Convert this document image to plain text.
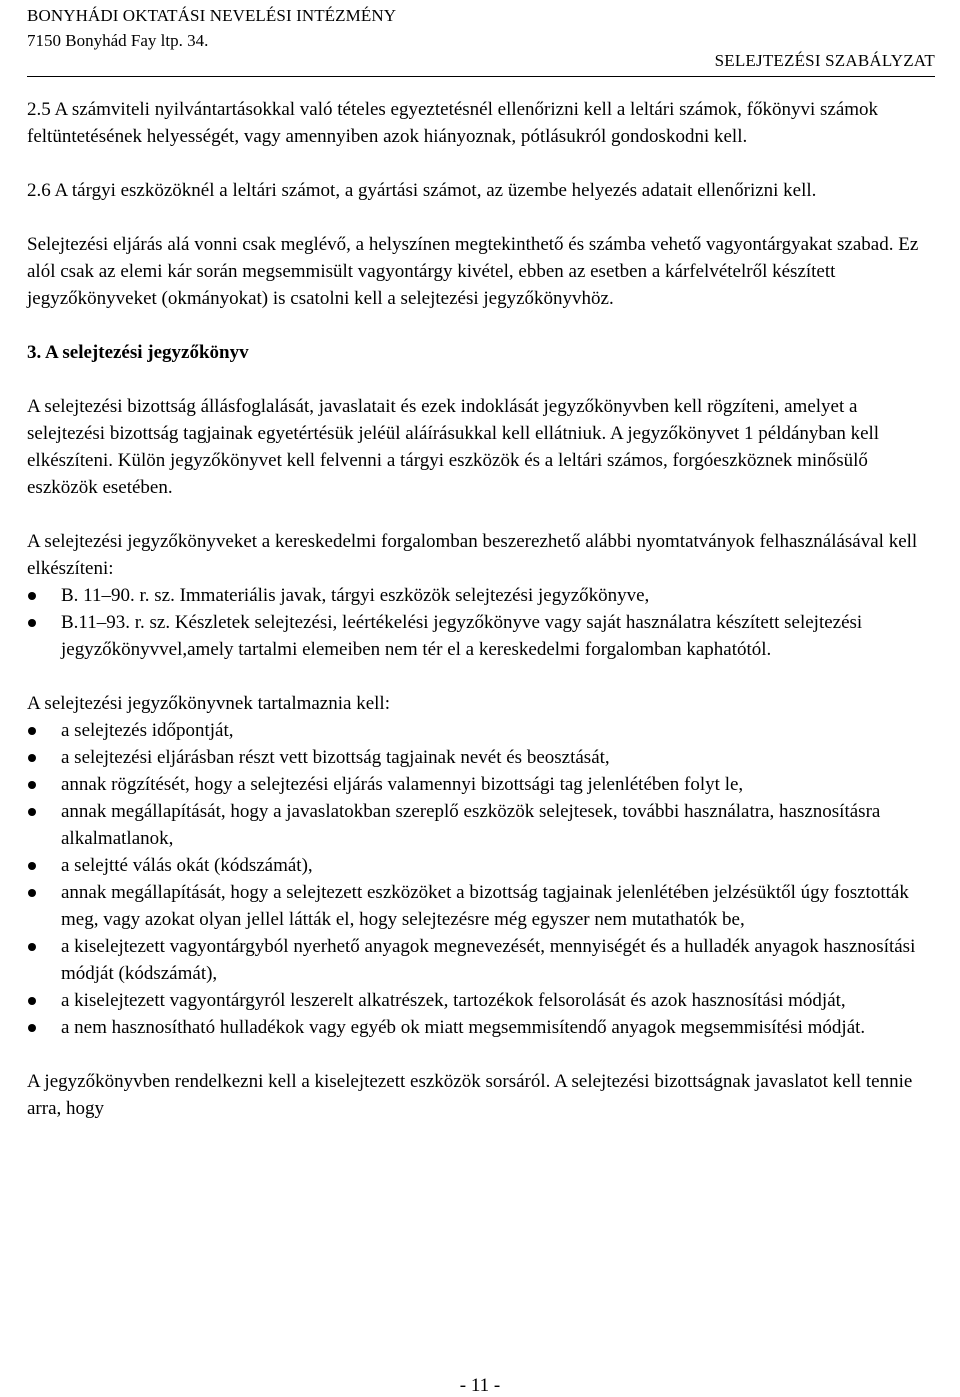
BONYHÁDI OKTATÁSI NEVELÉSI INTÉZMÉNY
7150 Bonyhád Fay ltp. 34.
SELEJTEZÉSI SZABÁLYZAT

2.5 A számviteli nyilvántartásokkal való tételes egyeztetésnél ellenőrizni kell a leltári számok, főkönyvi számok feltüntetésének helyességét, vagy amennyiben azok hiányoznak, pótlásukról gondoskodni kell.

2.6 A tárgyi eszközöknél a leltári számot, a gyártási számot, az üzembe helyezés adatait ellenőrizni kell.

Selejtezési eljárás alá vonni csak meglévő, a helyszínen megtekinthető és számba vehető vagyontárgyakat szabad. Ez alól csak az elemi kár során megsemmisült vagyontárgy kivétel, ebben az esetben a kárfelvételről készített jegyzőkönyveket (okmányokat) is csatolni kell a selejtezési jegyzőkönyvhöz.

3. A selejtezési jegyzőkönyv

A selejtezési bizottság állásfoglalását, javaslatait és ezek indoklását jegyzőkönyvben kell rögzíteni, amelyet a selejtezési bizottság tagjainak egyetértésük jeléül aláírásukkal kell ellátniuk. A jegyzőkönyvet 1 példányban kell elkészíteni. Külön jegyzőkönyvet kell felvenni a tárgyi eszközök és a leltári számos, forgóeszköznek minősülő eszközök esetében.

A selejtezési jegyzőkönyveket a kereskedelmi forgalomban beszerezhető alábbi nyomtatványok felhasználásával kell elkészíteni:
B. 11–90. r. sz. Immateriális javak, tárgyi eszközök selejtezési jegyzőkönyve,
B.11–93. r. sz. Készletek selejtezési, leértékelési jegyzőkönyve vagy saját használatra készített selejtezési jegyzőkönyvvel,amely tartalmi elemeiben nem tér el a kereskedelmi forgalomban kaphatótól.
A selejtezési jegyzőkönyvnek tartalmaznia kell:
a selejtezés időpontját,
a selejtezési eljárásban részt vett bizottság tagjainak nevét és beosztását,
annak rögzítését, hogy a selejtezési eljárás valamennyi bizottsági tag jelenlétében folyt le,
annak megállapítását, hogy a javaslatokban szereplő eszközök selejtesek, további használatra, hasznosításra alkalmatlanok,
a selejtté válás okát (kódszámát),
annak megállapítását, hogy a selejtezett eszközöket a bizottság tagjainak jelenlétében jelzésüktől úgy fosztották meg, vagy azokat olyan jellel látták el, hogy selejtezésre még egyszer nem mutathatók be,
a kiselejtezett vagyontárgyból nyerhető anyagok megnevezését, mennyiségét és a hulladék anyagok hasznosítási módját (kódszámát),
a kiselejtezett vagyontárgyról leszerelt alkatrészek, tartozékok felsorolását és azok hasznosítási módját,
a nem hasznosítható hulladékok vagy egyéb ok miatt megsemmisítendő anyagok megsemmisítési módját.

A jegyzőkönyvben rendelkezni kell a kiselejtezett eszközök sorsáról. A selejtezési bizottságnak javaslatot kell tennie arra, hogy

- 11 -
